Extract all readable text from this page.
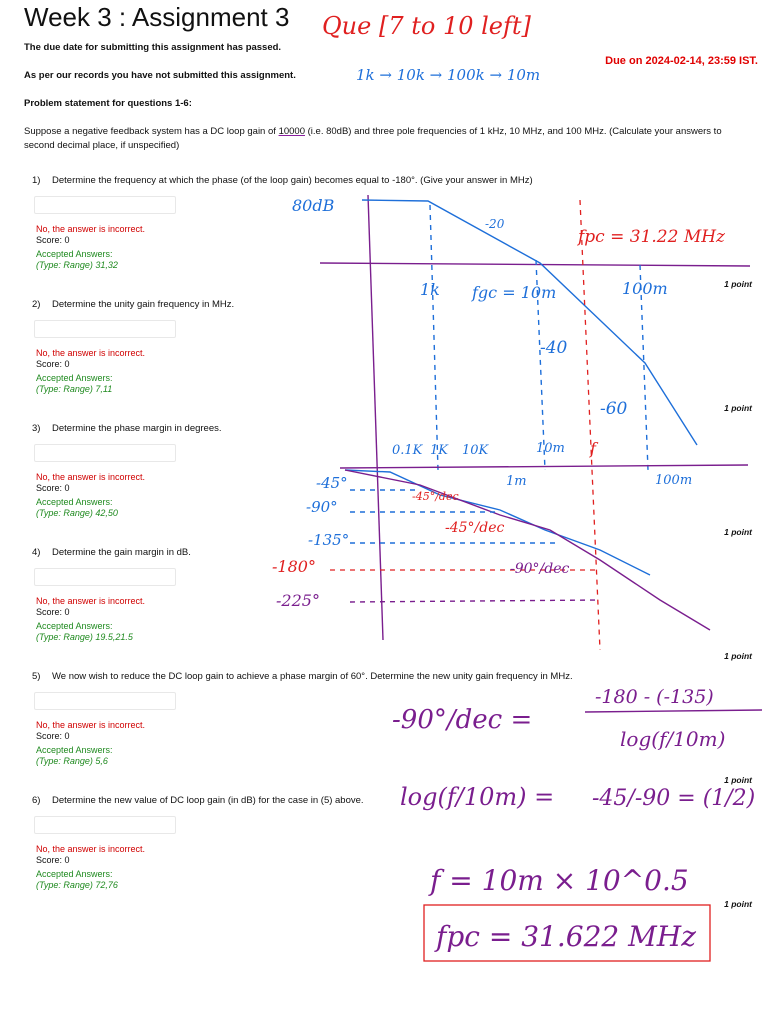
Week 3 : Assignment 3
The due date for submitting this assignment has passed.
As per our records you have not submitted this assignment.
Due on 2024-02-14, 23:59 IST.
Problem statement for questions 1-6:
Suppose a negative feedback system has a DC loop gain of 10000 (i.e. 80dB) and three pole frequencies of 1 kHz, 10 MHz, and 100 MHz. (Calculate your answers to second decimal place, if unspecified)
1) Determine the frequency at which the phase (of the loop gain) becomes equal to -180°. (Give your answer in MHz)
No, the answer is incorrect.
Score: 0
Accepted Answers:
(Type: Range) 31,32
1 point
2) Determine the unity gain frequency in MHz.
No, the answer is incorrect.
Score: 0
Accepted Answers:
(Type: Range) 7,11
1 point
3) Determine the phase margin in degrees.
No, the answer is incorrect.
Score: 0
Accepted Answers:
(Type: Range) 42,50
1 point
4) Determine the gain margin in dB.
No, the answer is incorrect.
Score: 0
Accepted Answers:
(Type: Range) 19.5,21.5
1 point
5) We now wish to reduce the DC loop gain to achieve a phase margin of 60°. Determine the new unity gain frequency in MHz.
No, the answer is incorrect.
Score: 0
Accepted Answers:
(Type: Range) 5,6
1 point
6) Determine the new value of DC loop gain (in dB) for the case in (5) above.
No, the answer is incorrect.
Score: 0
Accepted Answers:
(Type: Range) 72,76
1 point
Que [7 to 10 left]
1k → 10k → 100k → 10m
80dB
-20
-40
-60
fpc = 31.22 MHz
1k fgc = 10m	100m
0.1K 1K 10K	10m f
1m	100m
-45°
-90°
-135°
-180°
-225°
-45°/dec
-45°/dec
-90°/dec
-90°/dec =
-180 - (-135)
log(f/10m)
log(f/10m) = -45/-90 = (1/2)
f = 10m × 10^0.5
fpc = 31.622 MHz
